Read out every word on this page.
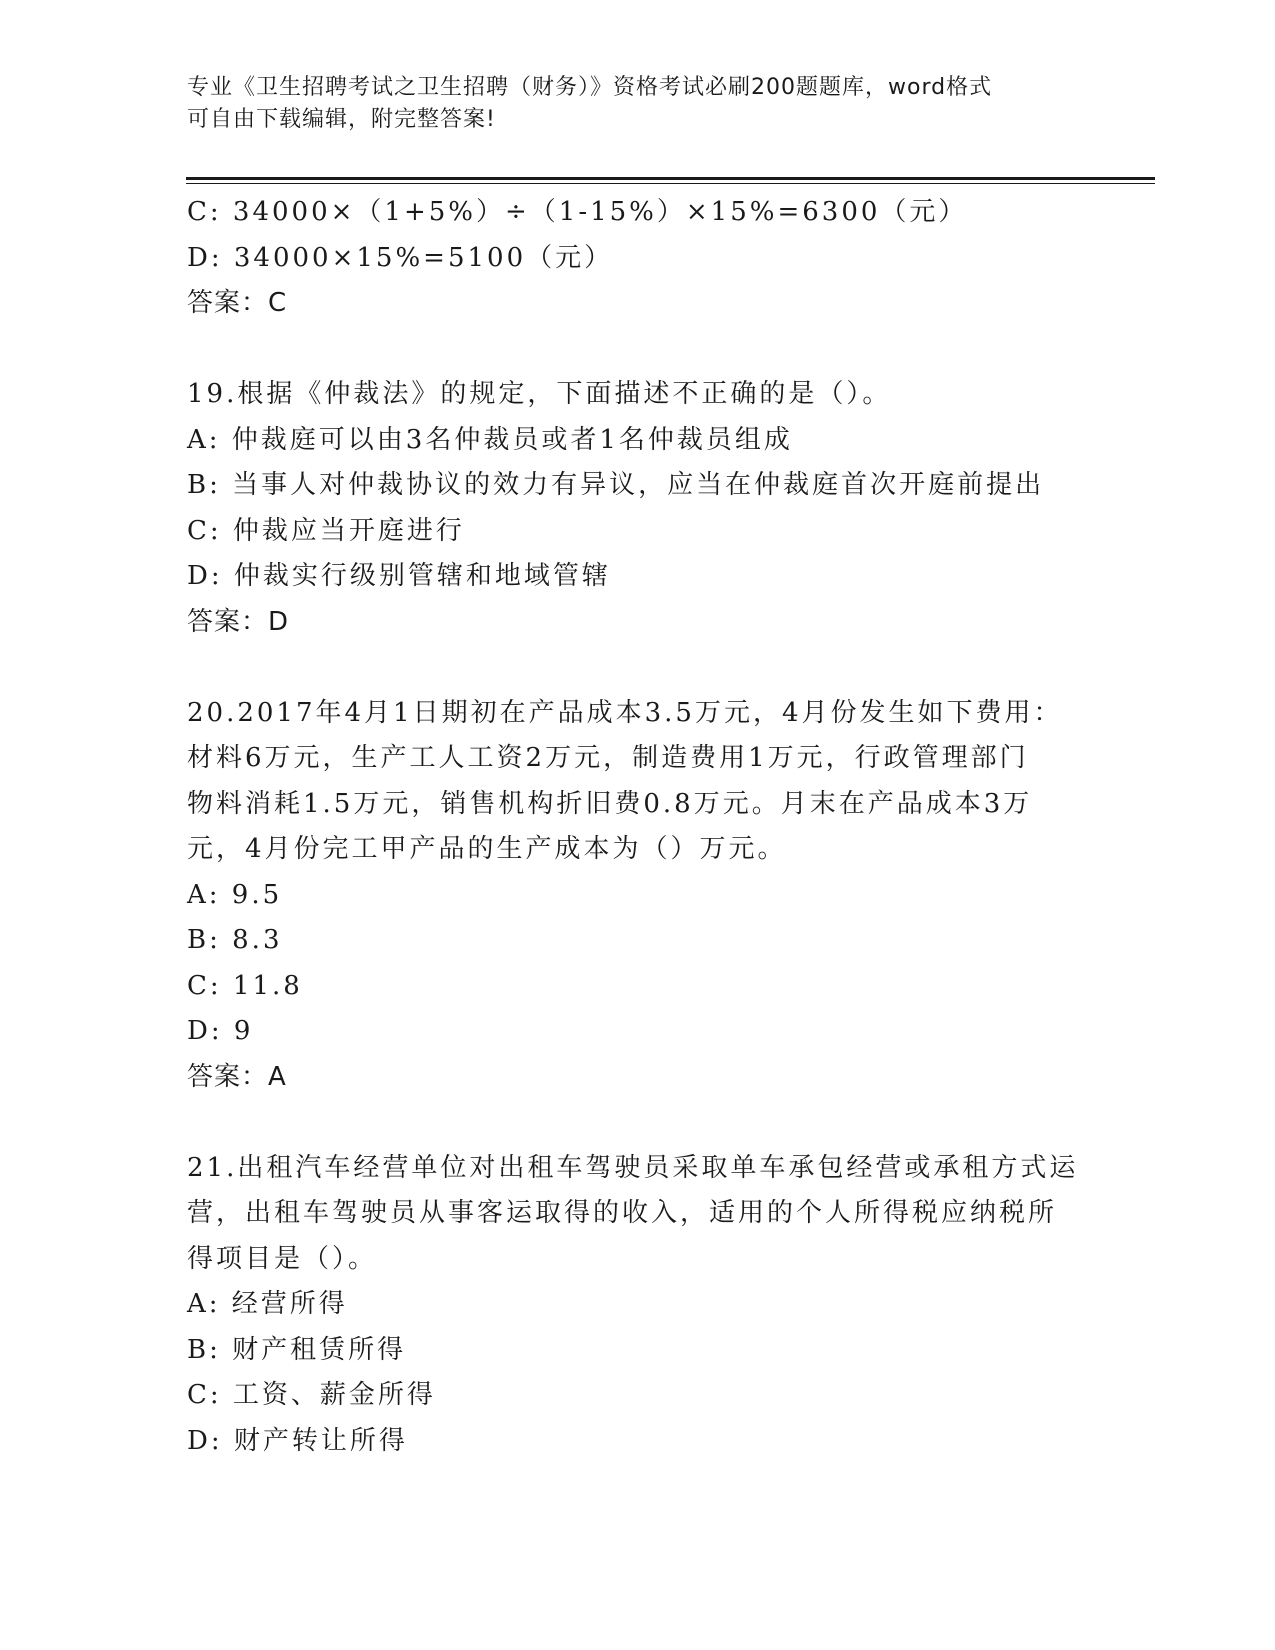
专业《卫生招聘考试之卫生招聘（财务）》资格考试必刷200题题库，word格式
可自由下载编辑，附完整答案!
C: 34000×（1+5%）÷（1-15%）×15%=6300（元）
D: 34000×15%=5100（元）
答案：C
19.根据《仲裁法》的规定，下面描述不正确的是（）。
A: 仲裁庭可以由3名仲裁员或者1名仲裁员组成
B: 当事人对仲裁协议的效力有异议，应当在仲裁庭首次开庭前提出
C: 仲裁应当开庭进行
D: 仲裁实行级别管辖和地域管辖
答案：D
20.2017年4月1日期初在产品成本3.5万元，4月份发生如下费用：
材料6万元，生产工人工资2万元，制造费用1万元，行政管理部门
物料消耗1.5万元，销售机构折旧费0.8万元。月末在产品成本3万
元，4月份完工甲产品的生产成本为（）万元。
A: 9.5
B: 8.3
C: 11.8
D: 9
答案：A
21.出租汽车经营单位对出租车驾驶员采取单车承包经营或承租方式运
营，出租车驾驶员从事客运取得的收入，适用的个人所得税应纳税所
得项目是（）。
A: 经营所得
B: 财产租赁所得
C: 工资、薪金所得
D: 财产转让所得
